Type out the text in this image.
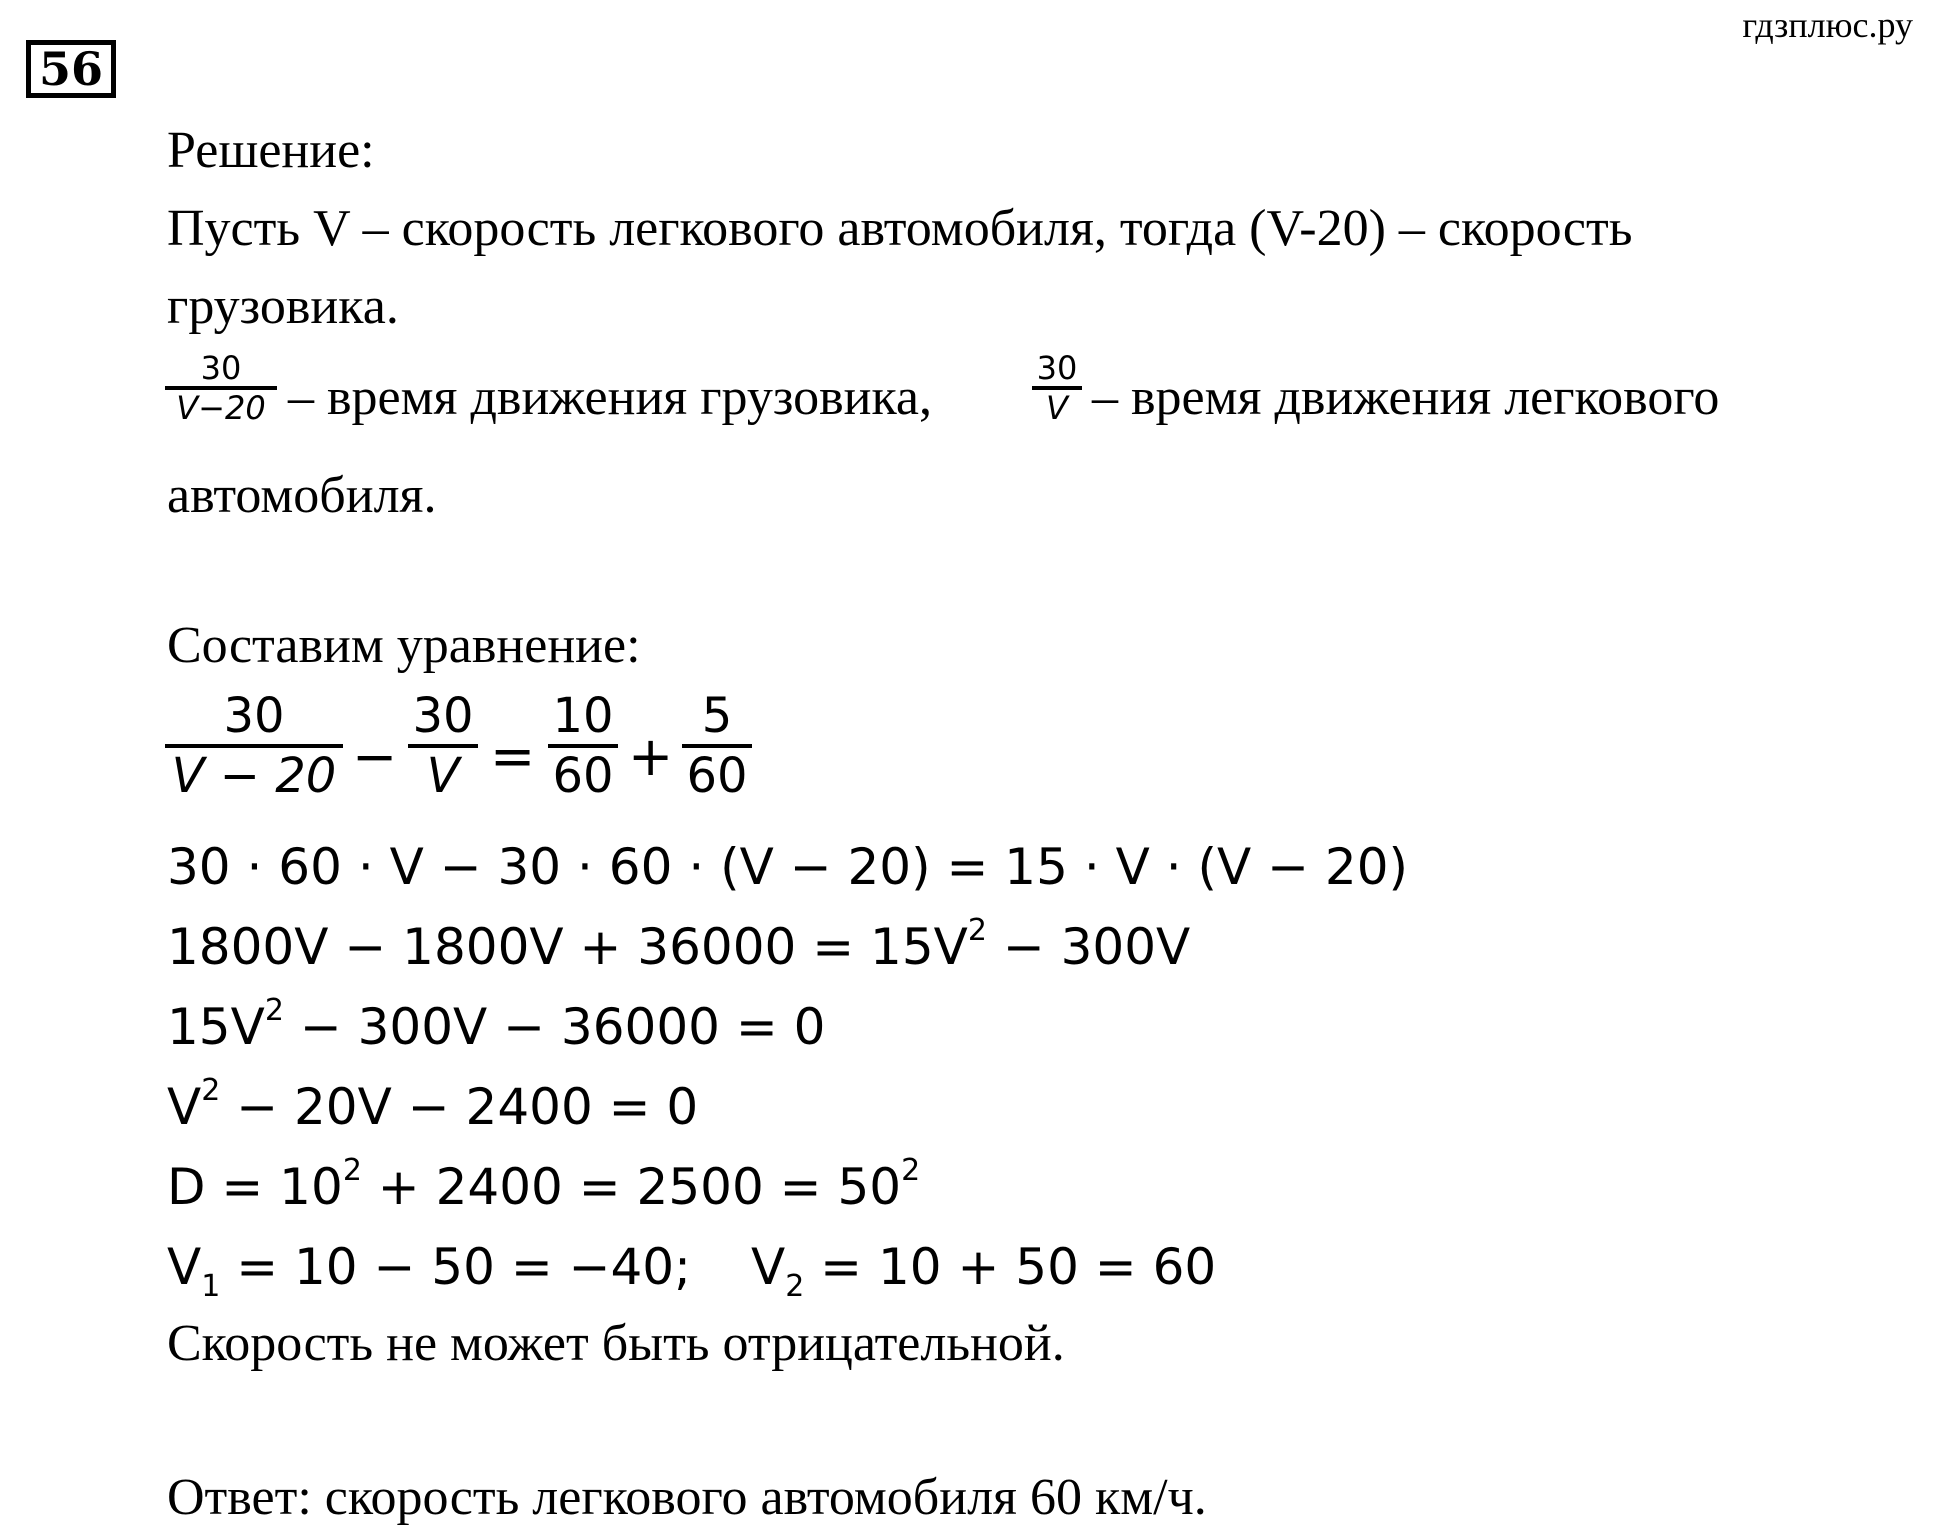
56
гдзплюс.ру
Решение:
Пусть V – скорость легкового автомобиля, тогда (V-20) – скорость
грузовика.
30
V−20 – время движения грузовика,
30
V – время движения легкового
автомобиля.
Составим уравнение:
30
V − 20 −
30
V =
10
60 +
5
60
30 · 60 · V − 30 · 60 · (V − 20) = 15 · V · (V − 20)
$1800V - 1800V + 36000 = 15V^2 - 300V$
$15V^2 - 300V - 36000 = 0$
$V^2 - 20V - 2400 = 0$
$D = 10^2 + 2400 = 2500 = 50^2$
$V_1 = 10 - 50 = -40$; $V_2 = 10 + 50 = 60$
Скорость не может быть отрицательной.
Ответ: скорость легкового автомобиля 60 км/ч.
